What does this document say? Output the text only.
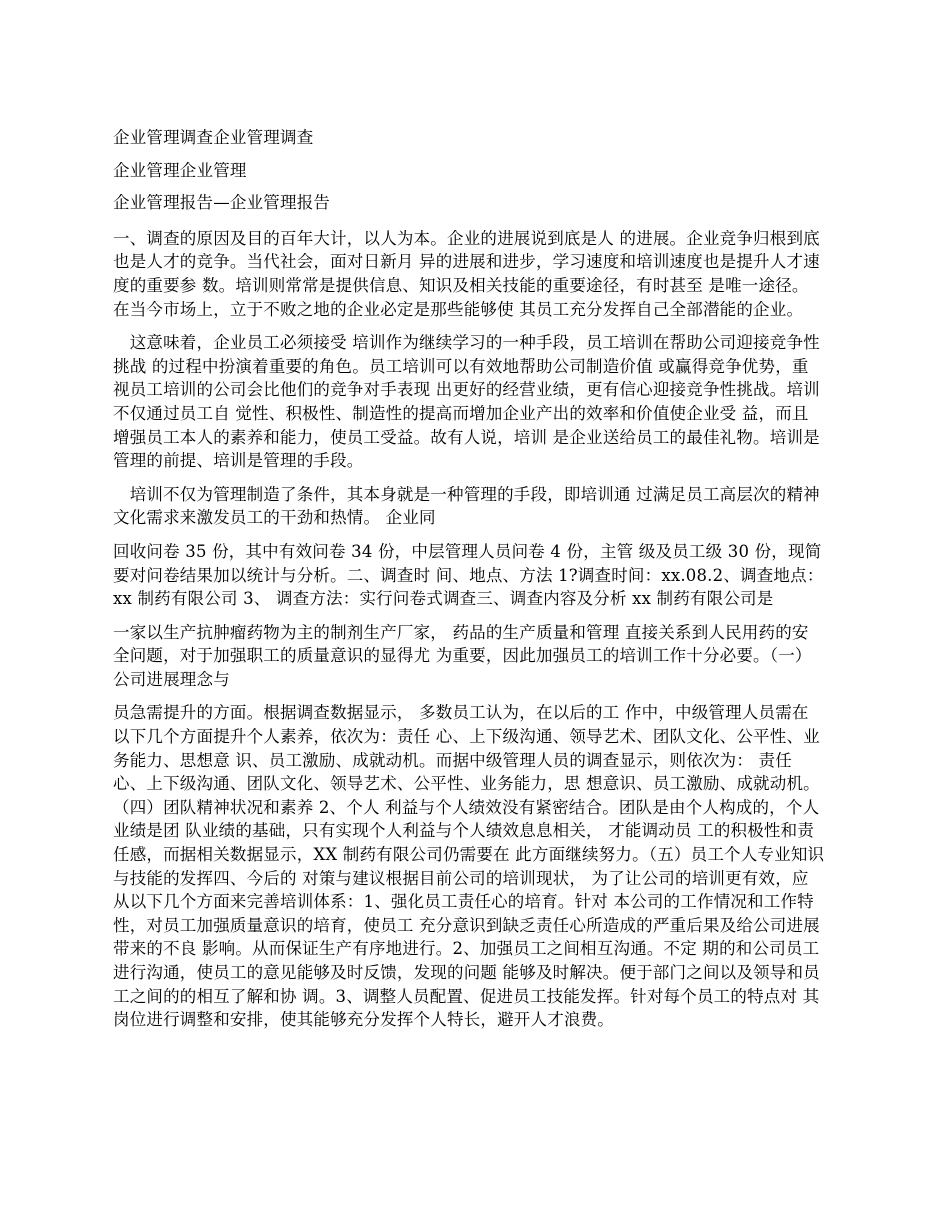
企业管理调查企业管理调查

企业管理企业管理

企业管理报告—企业管理报告

一、调查的原因及目的百年大计，以人为本。企业的进展说到底是人 的进展。企业竞争归根到底也是人才的竞争。当代社会，面对日新月 异的进展和进步，学习速度和培训速度也是提升人才速度的重要参 数。培训则常常是提供信息、知识及相关技能的重要途径，有时甚至 是唯一途径。在当今市场上，立于不败之地的企业必定是那些能够使 其员工充分发挥自己全部潜能的企业。

　这意味着，企业员工必须接受 培训作为继续学习的一种手段，员工培训在帮助公司迎接竞争性挑战 的过程中扮演着重要的角色。员工培训可以有效地帮助公司制造价值 或赢得竞争优势，重视员工培训的公司会比他们的竞争对手表现 出更好的经营业绩，更有信心迎接竞争性挑战。培训不仅通过员工自 觉性、积极性、制造性的提高而增加企业产出的效率和价值使企业受 益，而且增强员工本人的素养和能力，使员工受益。故有人说，培训 是企业送给员工的最佳礼物。培训是管理的前提、培训是管理的手段。

　培训不仅为管理制造了条件，其本身就是一种管理的手段，即培训通 过满足员工高层次的精神文化需求来激发员工的干劲和热情。 企业同

回收问卷 35 份，其中有效问卷 34 份，中层管理人员问卷 4 份，主管 级及员工级 30 份，现简要对问卷结果加以统计与分析。二、调查时 间、地点、方法 1?调查时间：xx.08.2、调查地点：xx 制药有限公司 3、 调查方法：实行问卷式调查三、调查内容及分析 xx 制药有限公司是

一家以生产抗肿瘤药物为主的制剂生产厂家， 药品的生产质量和管理 直接关系到人民用药的安全问题，对于加强职工的质量意识的显得尤 为重要，因此加强员工的培训工作十分必要。（一）公司进展理念与

员急需提升的方面。根据调查数据显示， 多数员工认为，在以后的工 作中，中级管理人员需在以下几个方面提升个人素养，依次为：责任 心、上下级沟通、领导艺术、团队文化、公平性、业务能力、思想意 识、员工激励、成就动机。而据中级管理人员的调查显示，则依次为： 责任心、上下级沟通、团队文化、领导艺术、公平性、业务能力，思 想意识、员工激励、成就动机。（四）团队精神状况和素养 2、个人 利益与个人绩效没有紧密结合。团队是由个人构成的，个人业绩是团 队业绩的基础，只有实现个人利益与个人绩效息息相关， 才能调动员 工的积极性和责任感，而据相关数据显示，XX 制药有限公司仍需要在 此方面继续努力。（五）员工个人专业知识与技能的发挥四、今后的 对策与建议根据目前公司的培训现状， 为了让公司的培训更有效，应 从以下几个方面来完善培训体系：1、强化员工责任心的培育。针对 本公司的工作情况和工作特性，对员工加强质量意识的培育，使员工 充分意识到缺乏责任心所造成的严重后果及给公司进展带来的不良 影响。从而保证生产有序地进行。2、加强员工之间相互沟通。不定 期的和公司员工进行沟通，使员工的意见能够及时反馈，发现的问题 能够及时解决。便于部门之间以及领导和员工之间的的相互了解和协 调。3、调整人员配置、促进员工技能发挥。针对每个员工的特点对 其岗位进行调整和安排，使其能够充分发挥个人特长，避开人才浪费。
